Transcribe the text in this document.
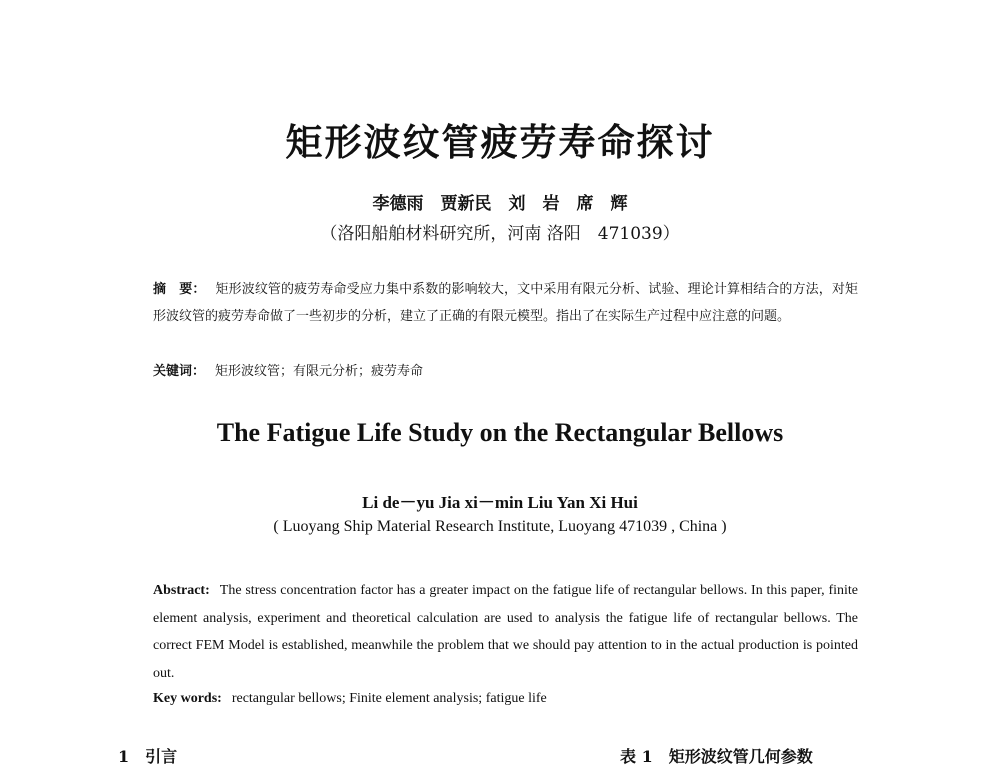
矩形波纹管疲劳寿命探讨
李德雨　贾新民　刘　岩　席　辉
（洛阳船舶材料研究所，河南 洛阳　471039）
摘　要： 矩形波纹管的疲劳寿命受应力集中系数的影响较大，文中采用有限元分析、试验、理论计算相结合的方法，对矩形波纹管的疲劳寿命做了一些初步的分析，建立了正确的有限元模型。指出了在实际生产过程中应注意的问题。
关键词： 矩形波纹管；有限元分析；疲劳寿命
The Fatigue Life Study on the Rectangular Bellows
Li de－yu Jia xi－min Liu Yan Xi Hui
( Luoyang Ship Material Research Institute, Luoyang 471039 , China )
Abstract: The stress concentration factor has a greater impact on the fatigue life of rectangular bellows. In this paper, finite element analysis, experiment and theoretical calculation are used to analysis the fatigue life of rectangular bellows. The correct FEM Model is established, meanwhile the problem that we should pay attention to in the actual production is pointed out.
Key words: rectangular bellows; Finite element analysis; fatigue life
1　引言	表 1　矩形波纹管几何参数
